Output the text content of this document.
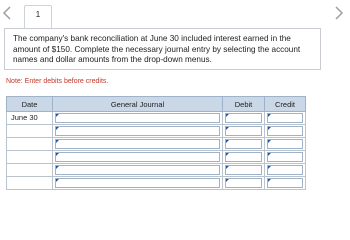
1
The company's bank reconciliation at June 30 included interest earned in the amount of $150. Complete the necessary journal entry by selecting the account names and dollar amounts from the drop-down menus.
Note: Enter debits before credits.
Date	General Journal	Debit	Credit
June 30	
